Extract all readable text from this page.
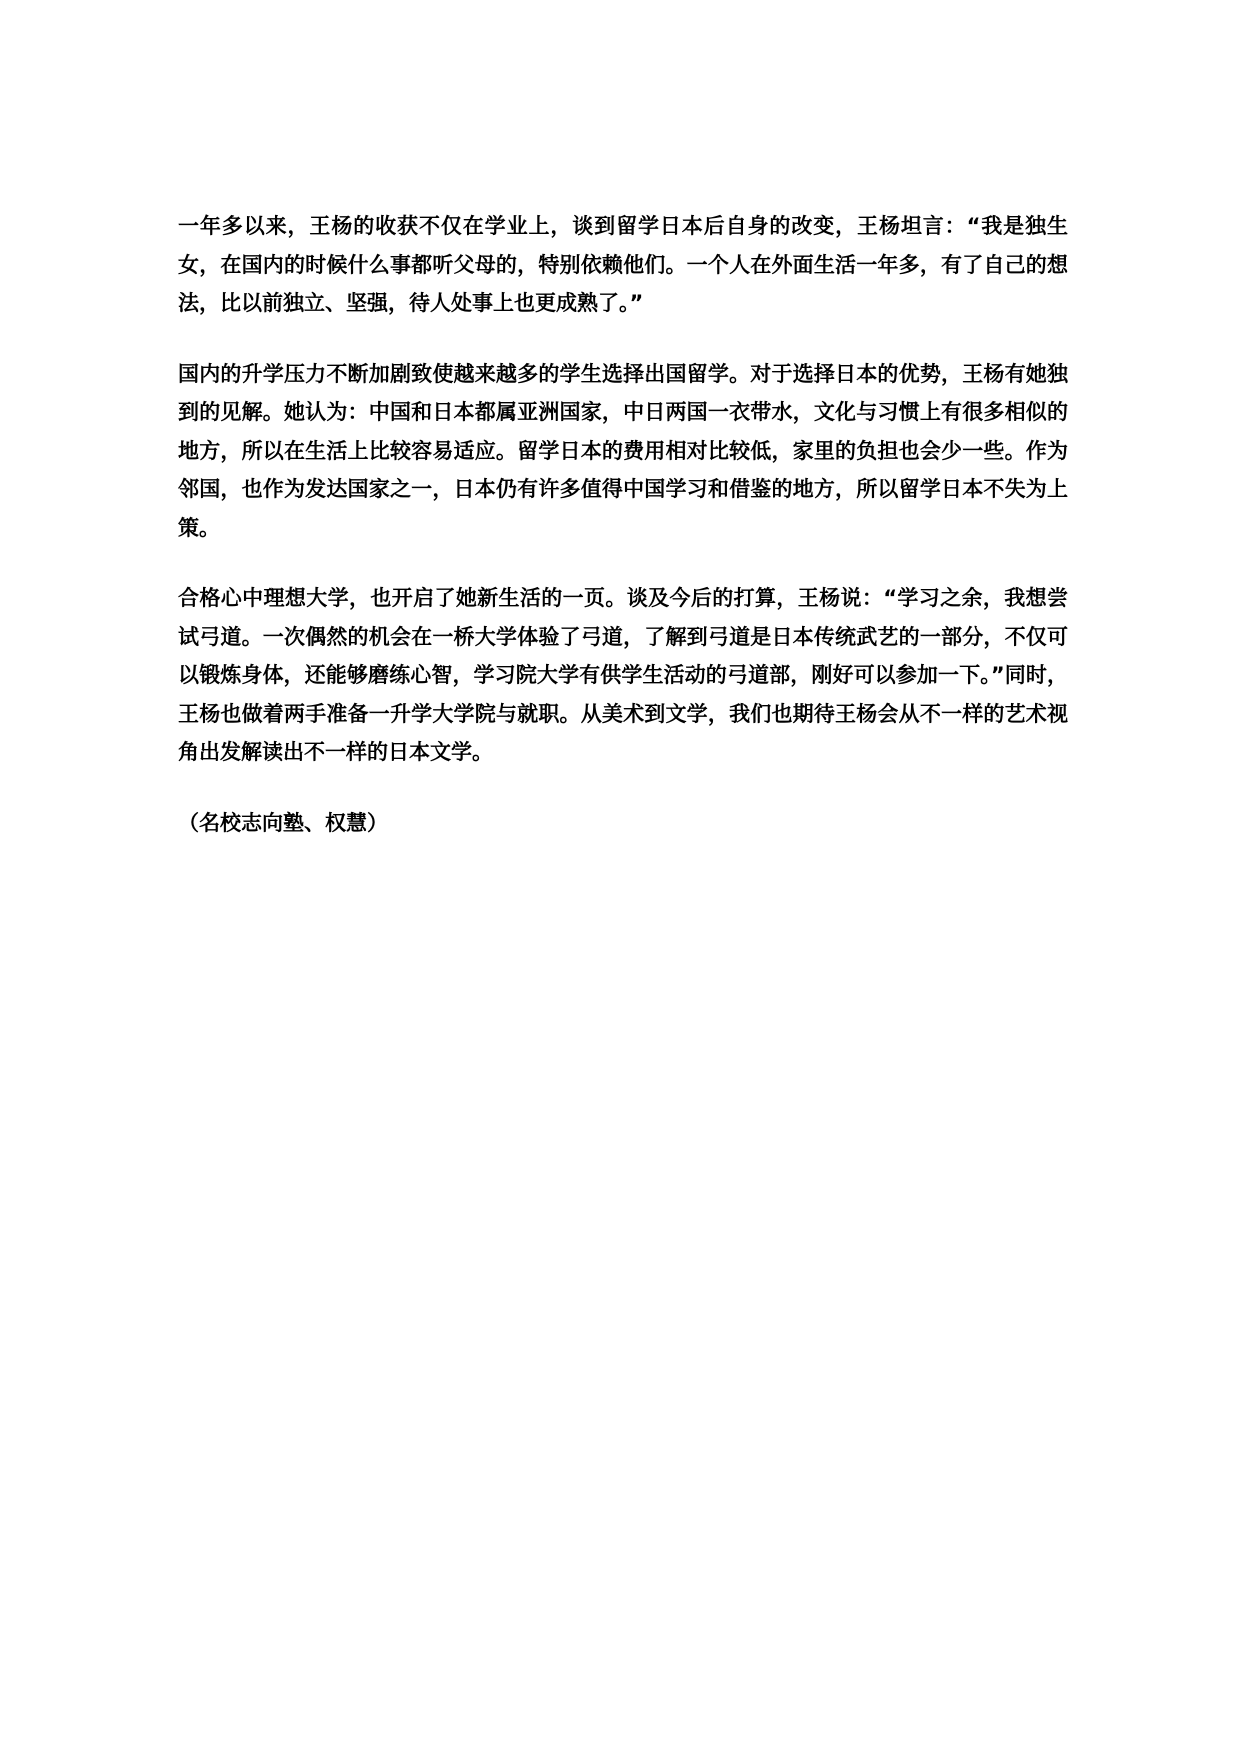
一年多以来，王杨的收获不仅在学业上，谈到留学日本后自身的改变，王杨坦言：“我是独生女，在国内的时候什么事都听父母的，特别依赖他们。一个人在外面生活一年多，有了自己的想法，比以前独立、坚强，待人处事上也更成熟了。”

国内的升学压力不断加剧致使越来越多的学生选择出国留学。对于选择日本的优势，王杨有她独到的见解。她认为：中国和日本都属亚洲国家，中日两国一衣带水，文化与习惯上有很多相似的地方，所以在生活上比较容易适应。留学日本的费用相对比较低，家里的负担也会少一些。作为邻国，也作为发达国家之一，日本仍有许多值得中国学习和借鉴的地方，所以留学日本不失为上策。

合格心中理想大学，也开启了她新生活的一页。谈及今后的打算，王杨说：“学习之余，我想尝试弓道。一次偶然的机会在一桥大学体验了弓道，了解到弓道是日本传统武艺的一部分，不仅可以锻炼身体，还能够磨练心智，学习院大学有供学生活动的弓道部，刚好可以参加一下。”同时，王杨也做着两手准备一升学大学院与就职。从美术到文学，我们也期待王杨会从不一样的艺术视角出发解读出不一样的日本文学。

（名校志向塾、权慧）
